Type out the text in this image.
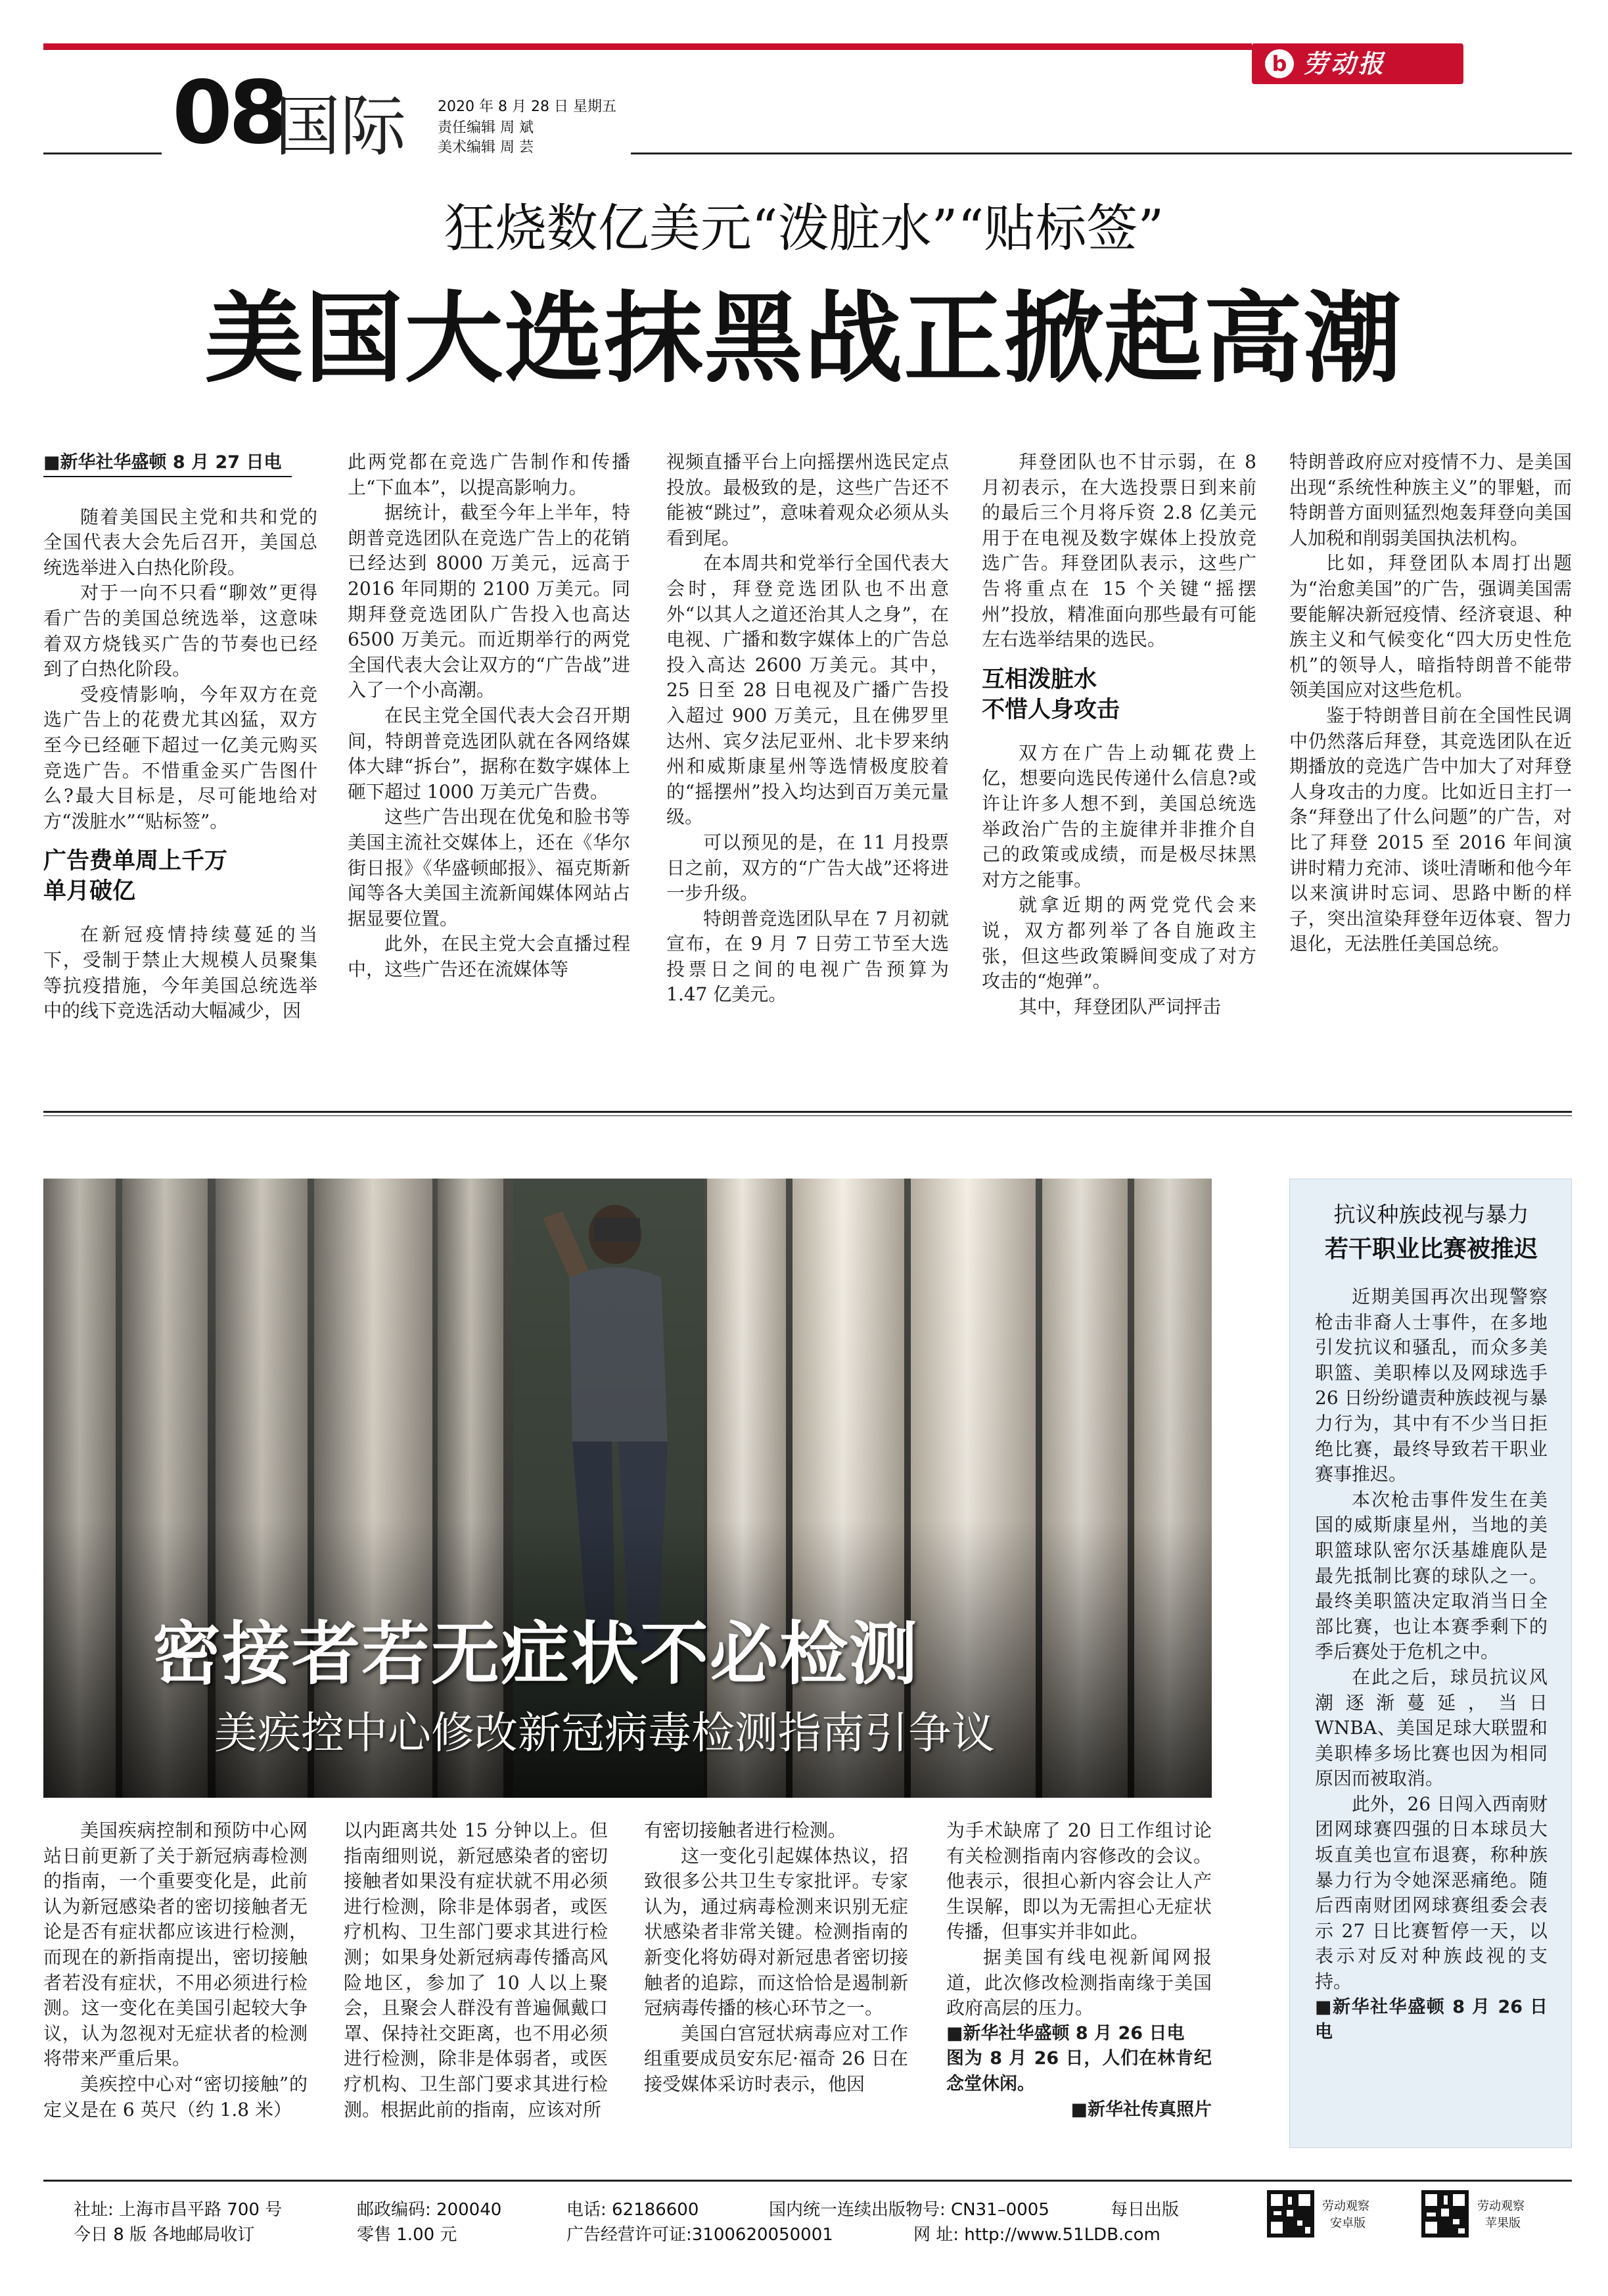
b 劳动报
08
国际 2020 年 8 月 28 日 星期五
责任编辑 周 斌
美术编辑 周 芸
狂烧数亿美元“泼脏水”“贴标签”
美国大选抹黑战正掀起高潮

■新华社华盛顿 8 月 27 日电

随着美国民主党和共和党的全国代表大会先后召开，美国总统选举进入白热化阶段。

对于一向不只看“聊效”更得看广告的美国总统选举，这意味着双方烧钱买广告的节奏也已经到了白热化阶段。

受疫情影响，今年双方在竞选广告上的花费尤其凶猛，双方至今已经砸下超过一亿美元购买竞选广告。不惜重金买广告图什么?最大目标是，尽可能地给对方“泼脏水”“贴标签”。

广告费单周上千万
单月破亿

在新冠疫情持续蔓延的当下，受制于禁止大规模人员聚集等抗疫措施，今年美国总统选举中的线下竞选活动大幅减少，因

此两党都在竞选广告制作和传播上“下血本”，以提高影响力。

据统计，截至今年上半年，特朗普竞选团队在竞选广告上的花销已经达到 8000 万美元，远高于 2016 年同期的 2100 万美元。同期拜登竞选团队广告投入也高达 6500 万美元。而近期举行的两党全国代表大会让双方的“广告战”进入了一个小高潮。

在民主党全国代表大会召开期间，特朗普竞选团队就在各网络媒体大肆“拆台”，据称在数字媒体上砸下超过 1000 万美元广告费。

这些广告出现在优兔和脸书等美国主流社交媒体上，还在《华尔街日报》《华盛顿邮报》、福克斯新闻等各大美国主流新闻媒体网站占据显要位置。

此外，在民主党大会直播过程中，这些广告还在流媒体等

视频直播平台上向摇摆州选民定点投放。最极致的是，这些广告还不能被“跳过”，意味着观众必须从头看到尾。

在本周共和党举行全国代表大会时，拜登竞选团队也不出意外“以其人之道还治其人之身”，在电视、广播和数字媒体上的广告总投入高达 2600 万美元。其中，25 日至 28 日电视及广播广告投入超过 900 万美元，且在佛罗里达州、宾夕法尼亚州、北卡罗来纳州和威斯康星州等选情极度胶着的“摇摆州”投入均达到百万美元量级。

可以预见的是，在 11 月投票日之前，双方的“广告大战”还将进一步升级。

特朗普竞选团队早在 7 月初就宣布，在 9 月 7 日劳工节至大选投票日之间的电视广告预算为 1.47 亿美元。

拜登团队也不甘示弱，在 8 月初表示，在大选投票日到来前的最后三个月将斥资 2.8 亿美元用于在电视及数字媒体上投放竞选广告。拜登团队表示，这些广告将重点在 15 个关键“摇摆州”投放，精准面向那些最有可能左右选举结果的选民。

互相泼脏水
不惜人身攻击

双方在广告上动辄花费上亿，想要向选民传递什么信息?或许让许多人想不到，美国总统选举政治广告的主旋律并非推介自己的政策或成绩，而是极尽抹黑对方之能事。

就拿近期的两党党代会来说，双方都列举了各自施政主张，但这些政策瞬间变成了对方攻击的“炮弹”。

其中，拜登团队严词抨击

特朗普政府应对疫情不力、是美国出现“系统性种族主义”的罪魁，而特朗普方面则猛烈炮轰拜登向美国人加税和削弱美国执法机构。

比如，拜登团队本周打出题为“治愈美国”的广告，强调美国需要能解决新冠疫情、经济衰退、种族主义和气候变化“四大历史性危机”的领导人，暗指特朗普不能带领美国应对这些危机。

鉴于特朗普目前在全国性民调中仍然落后拜登，其竞选团队在近期播放的竞选广告中加大了对拜登人身攻击的力度。比如近日主打一条“拜登出了什么问题”的广告，对比了拜登 2015 至 2016 年间演讲时精力充沛、谈吐清晰和他今年以来演讲时忘词、思路中断的样子，突出渲染拜登年迈体衰、智力退化，无法胜任美国总统。

密接者若无症状不必检测
美疾控中心修改新冠病毒检测指南引争议

美国疾病控制和预防中心网站日前更新了关于新冠病毒检测的指南，一个重要变化是，此前认为新冠感染者的密切接触者无论是否有症状都应该进行检测，而现在的新指南提出，密切接触者若没有症状，不用必须进行检测。这一变化在美国引起较大争议，认为忽视对无症状者的检测将带来严重后果。

美疾控中心对“密切接触”的定义是在 6 英尺（约 1.8 米）

以内距离共处 15 分钟以上。但指南细则说，新冠感染者的密切接触者如果没有症状就不用必须进行检测，除非是体弱者，或医疗机构、卫生部门要求其进行检测；如果身处新冠病毒传播高风险地区，参加了 10 人以上聚会，且聚会人群没有普遍佩戴口罩、保持社交距离，也不用必须进行检测，除非是体弱者，或医疗机构、卫生部门要求其进行检测。根据此前的指南，应该对所

有密切接触者进行检测。

这一变化引起媒体热议，招致很多公共卫生专家批评。专家认为，通过病毒检测来识别无症状感染者非常关键。检测指南的新变化将妨碍对新冠患者密切接触者的追踪，而这恰恰是遏制新冠病毒传播的核心环节之一。

美国白宫冠状病毒应对工作组重要成员安东尼·福奇 26 日在接受媒体采访时表示，他因

为手术缺席了 20 日工作组讨论有关检测指南内容修改的会议。他表示，很担心新内容会让人产生误解，即以为无需担心无症状传播，但事实并非如此。

据美国有线电视新闻网报道，此次修改检测指南缘于美国政府高层的压力。

■新华社华盛顿 8 月 26 日电

图为 8 月 26 日，人们在林肯纪念堂休闲。

■新华社传真照片

抗议种族歧视与暴力
若干职业比赛被推迟

近期美国再次出现警察枪击非裔人士事件，在多地引发抗议和骚乱，而众多美职篮、美职棒以及网球选手 26 日纷纷谴责种族歧视与暴力行为，其中有不少当日拒绝比赛，最终导致若干职业赛事推迟。

本次枪击事件发生在美国的威斯康星州，当地的美职篮球队密尔沃基雄鹿队是最先抵制比赛的球队之一。最终美职篮决定取消当日全部比赛，也让本赛季剩下的季后赛处于危机之中。

在此之后，球员抗议风潮逐渐蔓延，当日 WNBA、美国足球大联盟和美职棒多场比赛也因为相同原因而被取消。

此外，26 日闯入西南财团网球赛四强的日本球员大坂直美也宣布退赛，称种族暴力行为令她深恶痛绝。随后西南财团网球赛组委会表示 27 日比赛暂停一天，以表示对反对种族歧视的支持。

■新华社华盛顿 8 月 26 日电

社址: 上海市昌平路 700 号
今日 8 版 各地邮局收订
邮政编码: 200040
零售 1.00 元
电话: 62186600
广告经营许可证:3100620050001
国内统一连续出版物号: CN31–0005	每日出版
网 址: http://www.51LDB.com
劳动观察
安卓版
劳动观察
苹果版
